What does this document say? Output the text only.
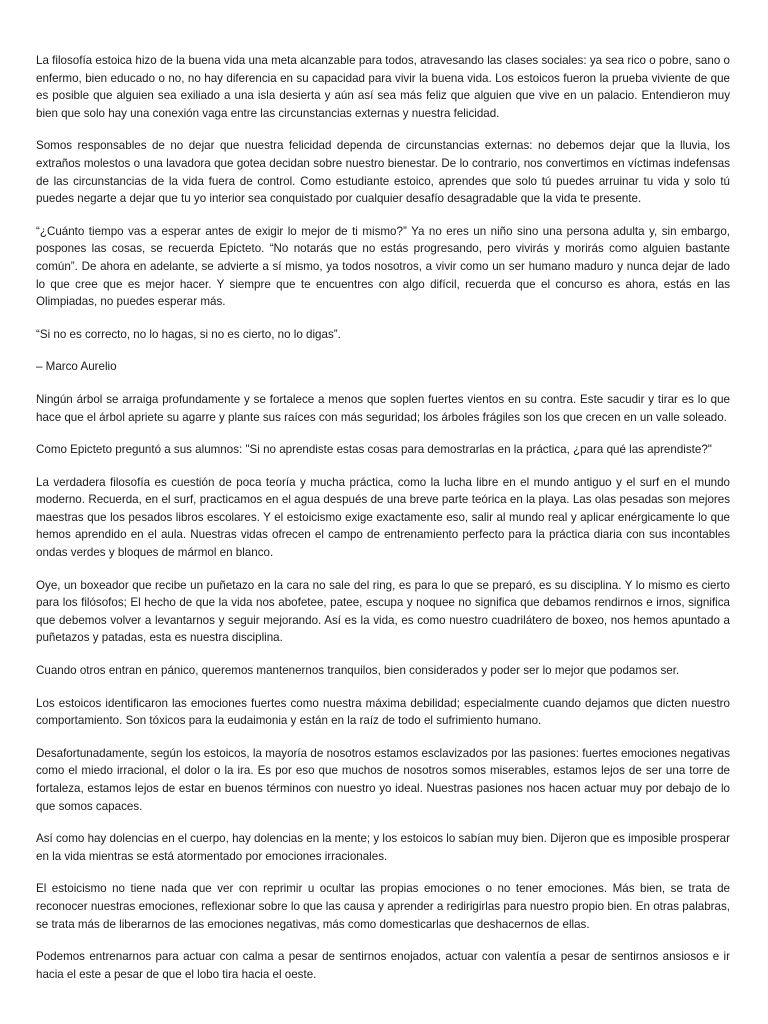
La filosofía estoica hizo de la buena vida una meta alcanzable para todos, atravesando las clases sociales: ya sea rico o pobre, sano o enfermo, bien educado o no, no hay diferencia en su capacidad para vivir la buena vida. Los estoicos fueron la prueba viviente de que es posible que alguien sea exiliado a una isla desierta y aún así sea más feliz que alguien que vive en un palacio. Entendieron muy bien que solo hay una conexión vaga entre las circunstancias externas y nuestra felicidad.

Somos responsables de no dejar que nuestra felicidad dependa de circunstancias externas: no debemos dejar que la lluvia, los extraños molestos o una lavadora que gotea decidan sobre nuestro bienestar. De lo contrario, nos convertimos en víctimas indefensas de las circunstancias de la vida fuera de control. Como estudiante estoico, aprendes que solo tú puedes arruinar tu vida y solo tú puedes negarte a dejar que tu yo interior sea conquistado por cualquier desafío desagradable que la vida te presente.

“¿Cuánto tiempo vas a esperar antes de exigir lo mejor de ti mismo?” Ya no eres un niño sino una persona adulta y, sin embargo, pospones las cosas, se recuerda Epicteto. “No notarás que no estás progresando, pero vivirás y morirás como alguien bastante común”. De ahora en adelante, se advierte a sí mismo, ya todos nosotros, a vivir como un ser humano maduro y nunca dejar de lado lo que cree que es mejor hacer. Y siempre que te encuentres con algo difícil, recuerda que el concurso es ahora, estás en las Olimpiadas, no puedes esperar más.

“Si no es correcto, no lo hagas, si no es cierto, no lo digas”.

– Marco Aurelio

Ningún árbol se arraiga profundamente y se fortalece a menos que soplen fuertes vientos en su contra. Este sacudir y tirar es lo que hace que el árbol apriete su agarre y plante sus raíces con más seguridad; los árboles frágiles son los que crecen en un valle soleado.

Como Epicteto preguntó a sus alumnos: "Si no aprendiste estas cosas para demostrarlas en la práctica, ¿para qué las aprendiste?"

La verdadera filosofía es cuestión de poca teoría y mucha práctica, como la lucha libre en el mundo antiguo y el surf en el mundo moderno. Recuerda, en el surf, practicamos en el agua después de una breve parte teórica en la playa. Las olas pesadas son mejores maestras que los pesados libros escolares. Y el estoicismo exige exactamente eso, salir al mundo real y aplicar enérgicamente lo que hemos aprendido en el aula. Nuestras vidas ofrecen el campo de entrenamiento perfecto para la práctica diaria con sus incontables ondas verdes y bloques de mármol en blanco.

Oye, un boxeador que recibe un puñetazo en la cara no sale del ring, es para lo que se preparó, es su disciplina. Y lo mismo es cierto para los filósofos; El hecho de que la vida nos abofetee, patee, escupa y noquee no significa que debamos rendirnos e irnos, significa que debemos volver a levantarnos y seguir mejorando. Así es la vida, es como nuestro cuadrilátero de boxeo, nos hemos apuntado a puñetazos y patadas, esta es nuestra disciplina.

Cuando otros entran en pánico, queremos mantenernos tranquilos, bien considerados y poder ser lo mejor que podamos ser.

Los estoicos identificaron las emociones fuertes como nuestra máxima debilidad; especialmente cuando dejamos que dicten nuestro comportamiento. Son tóxicos para la eudaimonia y están en la raíz de todo el sufrimiento humano.

Desafortunadamente, según los estoicos, la mayoría de nosotros estamos esclavizados por las pasiones: fuertes emociones negativas como el miedo irracional, el dolor o la ira. Es por eso que muchos de nosotros somos miserables, estamos lejos de ser una torre de fortaleza, estamos lejos de estar en buenos términos con nuestro yo ideal. Nuestras pasiones nos hacen actuar muy por debajo de lo que somos capaces.

Así como hay dolencias en el cuerpo, hay dolencias en la mente; y los estoicos lo sabían muy bien. Dijeron que es imposible prosperar en la vida mientras se está atormentado por emociones irracionales.

El estoicismo no tiene nada que ver con reprimir u ocultar las propias emociones o no tener emociones. Más bien, se trata de reconocer nuestras emociones, reflexionar sobre lo que las causa y aprender a redirigirlas para nuestro propio bien. En otras palabras, se trata más de liberarnos de las emociones negativas, más como domesticarlas que deshacernos de ellas.

Podemos entrenarnos para actuar con calma a pesar de sentirnos enojados, actuar con valentía a pesar de sentirnos ansiosos e ir hacia el este a pesar de que el lobo tira hacia el oeste.
